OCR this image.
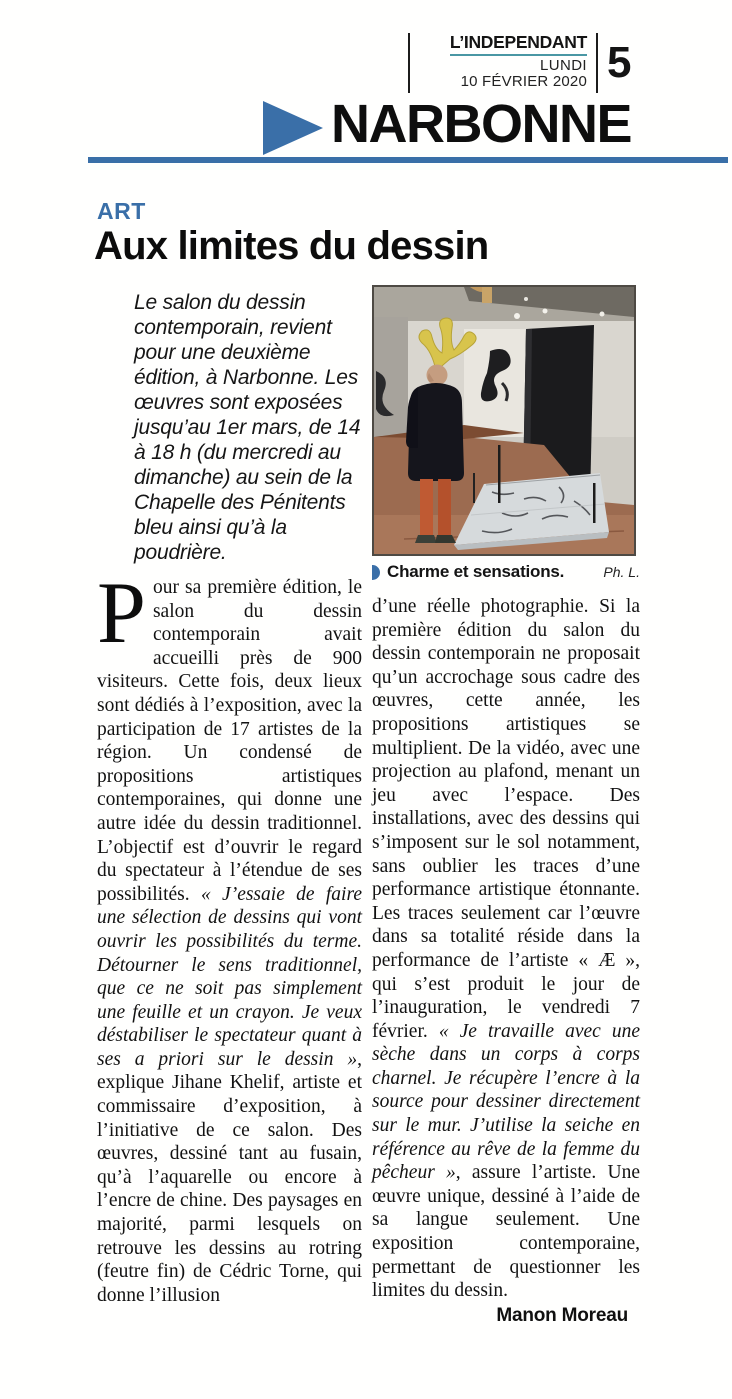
L’INDEPENDANT
LUNDI
10 FÉVRIER 2020 5
NARBONNE
ART
Aux limites du dessin

Le salon du dessin contemporain, revient pour une deuxième édition, à Narbonne. Les œuvres sont exposées jusqu’au 1er mars, de 14 à 18 h (du mercredi au dimanche) au sein de la Chapelle des Pénitents bleu ainsi qu’à la poudrière.

Pour sa première édition, le salon du dessin contemporain avait accueilli près de 900 visiteurs. Cette fois, deux lieux sont dédiés à l’exposition, avec la participation de 17 artistes de la région. Un condensé de propositions artistiques contemporaines, qui donne une autre idée du dessin traditionnel. L’objectif est d’ouvrir le regard du spectateur à l’étendue de ses possibilités. « J’essaie de faire une sélection de dessins qui vont ouvrir les possibilités du terme. Détourner le sens traditionnel, que ce ne soit pas simplement une feuille et un crayon. Je veux déstabiliser le spectateur quant à ses a priori sur le dessin », explique Jihane Khelif, artiste et commissaire d’exposition, à l’initiative de ce salon. Des œuvres, dessiné tant au fusain, qu’à l’aquarelle ou encore à l’encre de chine. Des paysages en majorité, parmi lesquels on retrouve les dessins au rotring (feutre fin) de Cédric Torne, qui donne l’illusion

Charme et sensations.	Ph. L.

d’une réelle photographie. Si la première édition du salon du dessin contemporain ne proposait qu’un accrochage sous cadre des œuvres, cette année, les propositions artistiques se multiplient. De la vidéo, avec une projection au plafond, menant un jeu avec l’espace. Des installations, avec des dessins qui s’imposent sur le sol notamment, sans oublier les traces d’une performance artistique étonnante. Les traces seulement car l’œuvre dans sa totalité réside dans la performance de l’artiste « Æ », qui s’est produit le jour de l’inauguration, le vendredi 7 février. « Je travaille avec une sèche dans un corps à corps charnel. Je récupère l’encre à la source pour dessiner directement sur le mur. J’utilise la seiche en référence au rêve de la femme du pêcheur », assure l’artiste. Une œuvre unique, dessiné à l’aide de sa langue seulement. Une exposition contemporaine, permettant de questionner les limites du dessin.

Manon Moreau
